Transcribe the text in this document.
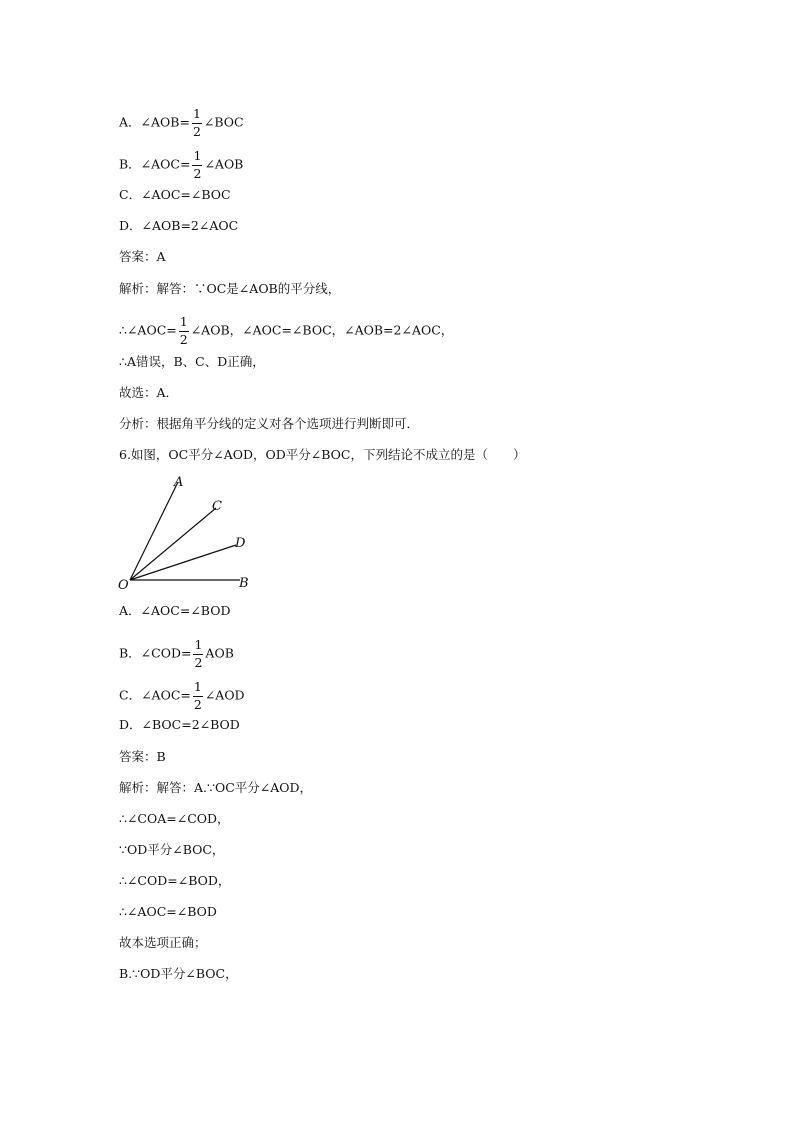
A．∠AOB= $\frac{1}{2}$ ∠BOC
B．∠AOC= $\frac{1}{2}$ ∠AOB
C．∠AOC=∠BOC
D．∠AOB=2∠AOC
答案：A
解析：解答：∵OC是∠AOB的平分线，
∴∠AOC= $\frac{1}{2}$ ∠AOB，∠AOC=∠BOC，∠AOB=2∠AOC，
∴A错误，B、C、D正确，
故选：A．
分析：根据角平分线的定义对各个选项进行判断即可．
6.如图，OC平分∠AOD，OD平分∠BOC，下列结论不成立的是（　　）
A
C
D
O	B
A．∠AOC=∠BOD
B．∠COD= $\frac{1}{2}$ AOB
C．∠AOC= $\frac{1}{2}$ ∠AOD
D．∠BOC=2∠BOD
答案：B
解析：解答：A.∵OC平分∠AOD，
∴∠COA=∠COD，
∵OD平分∠BOC，
∴∠COD=∠BOD，
∴∠AOC=∠BOD
故本选项正确；
B.∵OD平分∠BOC，
